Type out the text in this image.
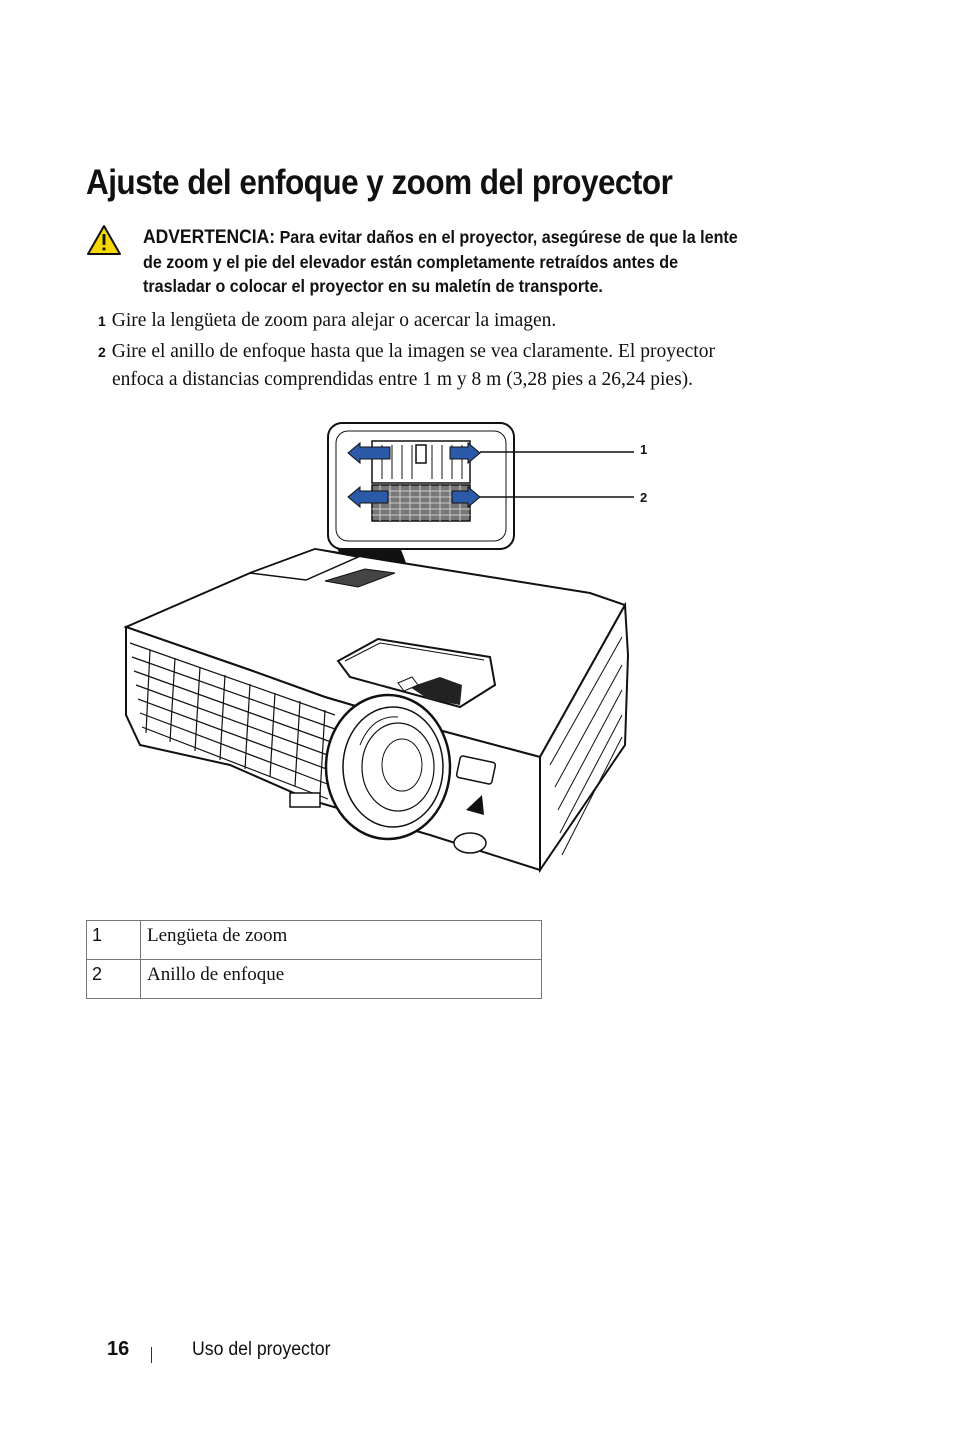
Ajuste del enfoque y zoom del proyector
ADVERTENCIA: Para evitar daños en el proyector, asegúrese de que la lente
de zoom y el pie del elevador están completamente retraídos antes de
trasladar o colocar el proyector en su maletín de transporte.
1 Gire la lengüeta de zoom para alejar o acercar la imagen.
2 Gire el anillo de enfoque hasta que la imagen se vea claramente. El proyector
enfoca a distancias comprendidas entre 1 m y 8 m (3,28 pies a 26,24 pies).
1
2
1	Lengüeta de zoom
2	Anillo de enfoque
16	Uso del proyector
